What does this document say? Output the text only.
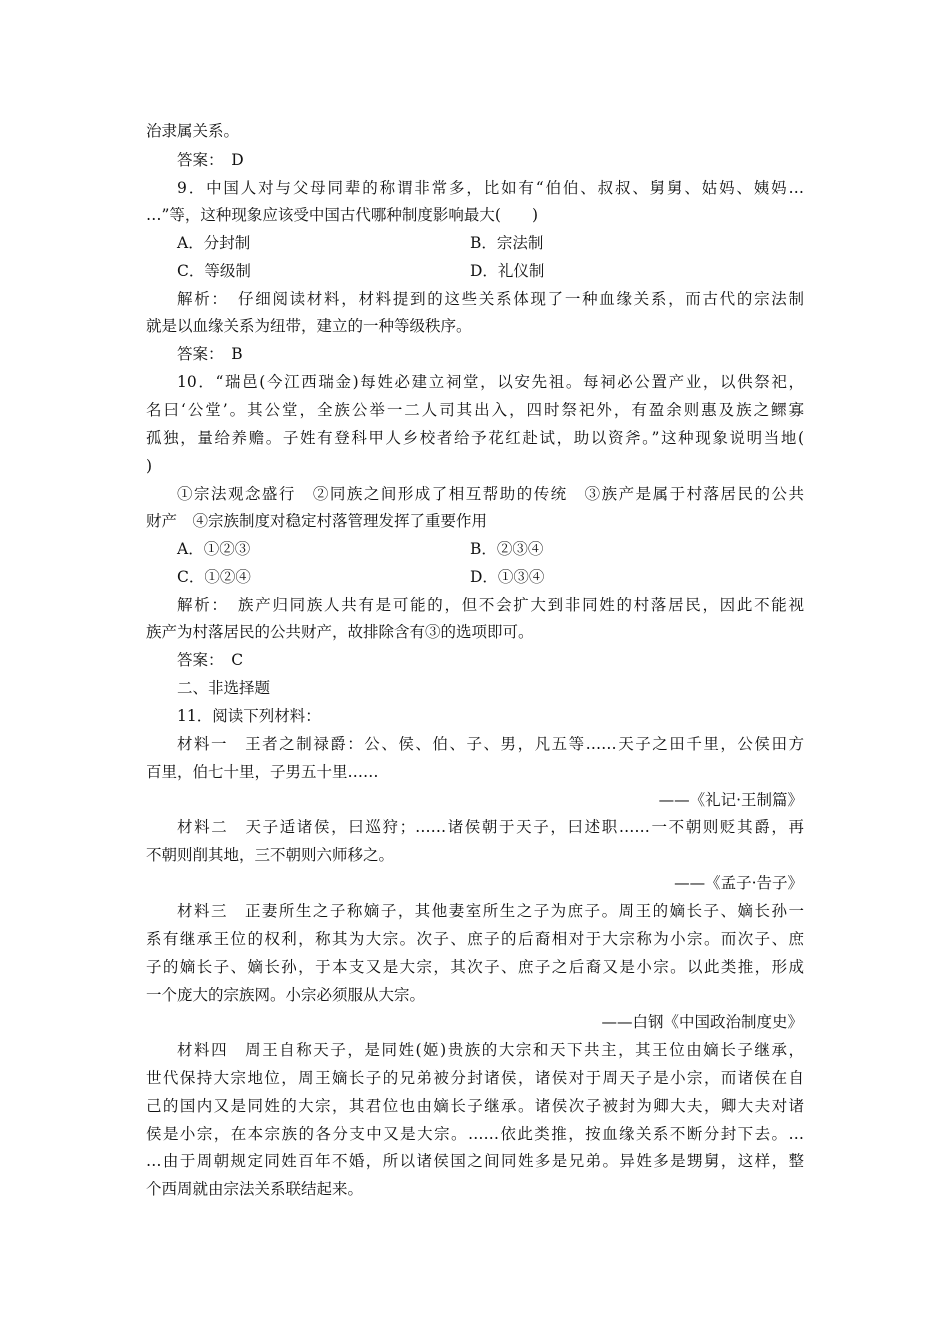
治隶属关系。
答案：　D
9．中国人对与父母同辈的称谓非常多，比如有“伯伯、叔叔、舅舅、姑妈、姨妈…
…”等，这种现象应该受中国古代哪种制度影响最大(　　)
A．分封制	B．宗法制
C．等级制	D．礼仪制
解析：　仔细阅读材料，材料提到的这些关系体现了一种血缘关系，而古代的宗法制
就是以血缘关系为纽带，建立的一种等级秩序。
答案：　B
10．“瑞邑(今江西瑞金)每姓必建立祠堂，以安先祖。每祠必公置产业，以供祭祀，
名曰‘公堂’。其公堂，全族公举一二人司其出入，四时祭祀外，有盈余则惠及族之鳏寡
孤独，量给养赡。子姓有登科甲人乡校者给予花红赴试，助以资斧。”这种现象说明当地(
)
①宗法观念盛行　②同族之间形成了相互帮助的传统　③族产是属于村落居民的公共
财产　④宗族制度对稳定村落管理发挥了重要作用
A．①②③	B．②③④
C．①②④	D．①③④
解析：　族产归同族人共有是可能的，但不会扩大到非同姓的村落居民，因此不能视
族产为村落居民的公共财产，故排除含有③的选项即可。
答案：　C
二、非选择题
11．阅读下列材料：
材料一　王者之制禄爵：公、侯、伯、子、男，凡五等……天子之田千里，公侯田方
百里，伯七十里，子男五十里……
——《礼记·王制篇》
材料二　天子适诸侯，曰巡狩；……诸侯朝于天子，曰述职……一不朝则贬其爵，再
不朝则削其地，三不朝则六师移之。
——《孟子·告子》
材料三　正妻所生之子称嫡子，其他妻室所生之子为庶子。周王的嫡长子、嫡长孙一
系有继承王位的权利，称其为大宗。次子、庶子的后裔相对于大宗称为小宗。而次子、庶
子的嫡长子、嫡长孙，于本支又是大宗，其次子、庶子之后裔又是小宗。以此类推，形成
一个庞大的宗族网。小宗必须服从大宗。
——白钢《中国政治制度史》
材料四　周王自称天子，是同姓(姬)贵族的大宗和天下共主，其王位由嫡长子继承，
世代保持大宗地位，周王嫡长子的兄弟被分封诸侯，诸侯对于周天子是小宗，而诸侯在自
己的国内又是同姓的大宗，其君位也由嫡长子继承。诸侯次子被封为卿大夫，卿大夫对诸
侯是小宗，在本宗族的各分支中又是大宗。……依此类推，按血缘关系不断分封下去。…
…由于周朝规定同姓百年不婚，所以诸侯国之间同姓多是兄弟。异姓多是甥舅，这样，整
个西周就由宗法关系联结起来。
